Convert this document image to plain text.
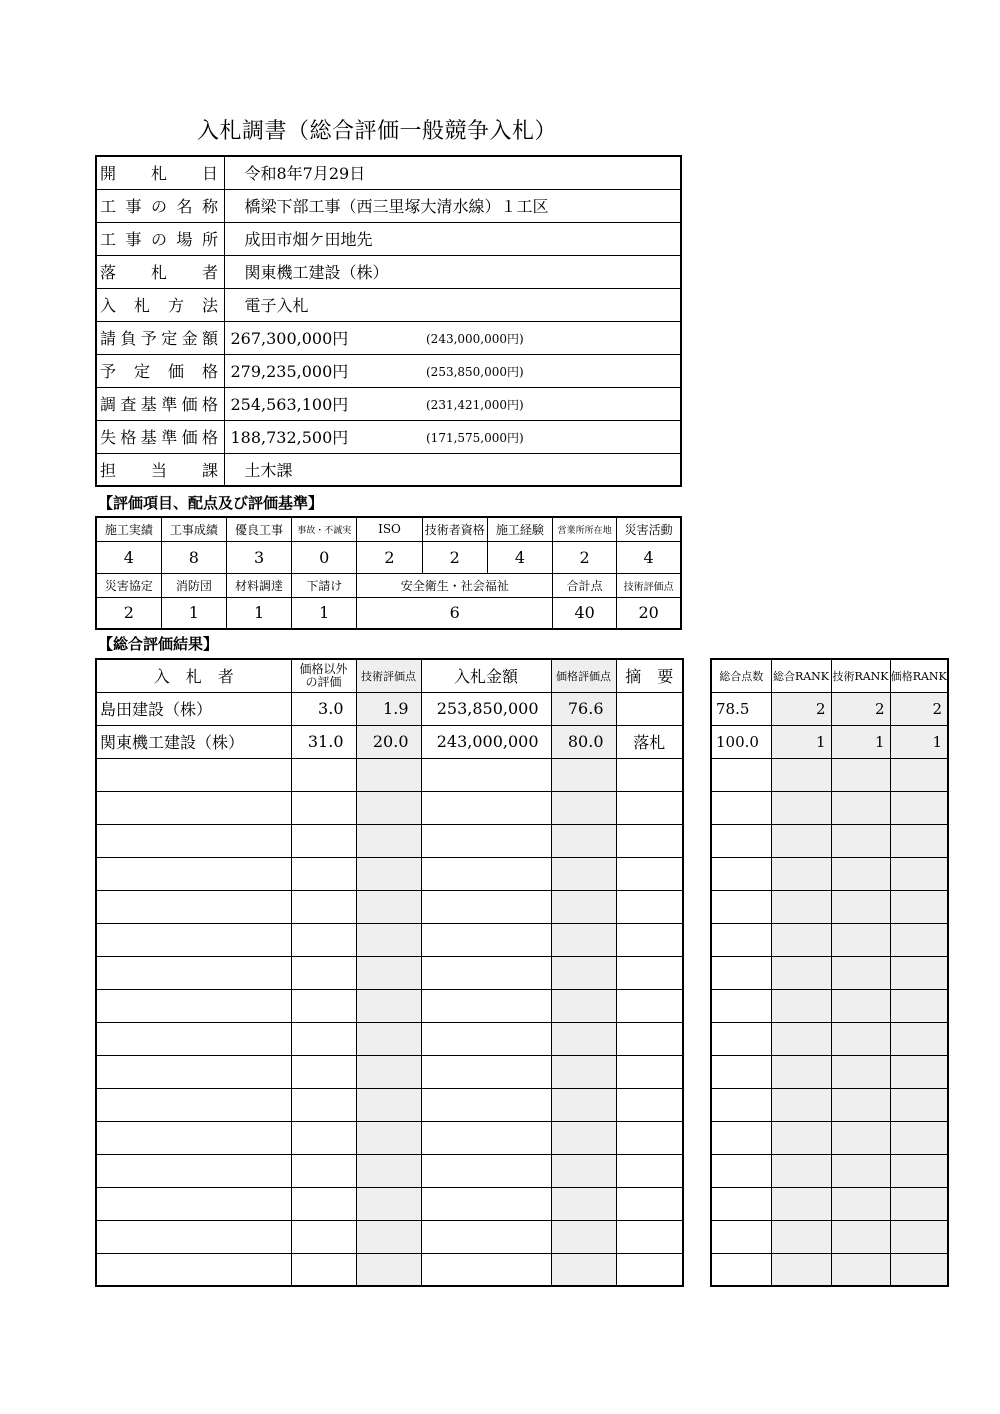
入札調書（総合評価一般競争入札）
開　札　日	令和8年7月29日

工事の名称	橋梁下部工事（西三里塚大清水線）１工区

工事の場所	成田市畑ケ田地先

落　札　者	関東機工建設（株）

入札方法	電子入札

請負予定金額	267,300,000円 (243,000,000円)

予　定　価　格	279,235,000円 (253,850,000円)

調査基準価格	254,563,100円 (231,421,000円)

失格基準価格	188,732,500円 (171,575,000円)

担　当　課	土木課
【評価項目、配点及び評価基準】
施工実績	工事成績	優良工事	事故・不誠実	ISO	技術者資格	施工経験	営業所所在地	災害活動
4	8	3	0	2	2	4	2	4
災害協定	消防団	材料調達	下請け	安全衛生・社会福祉			合計点	技術評価点
2	1	1	1	6			40	20
【総合評価結果】
入　札　者	価格以外
の評価	技術評価点	入札金額	価格評価点	摘　要
島田建設（株）	3.0	1.9	253,850,000	76.6	
関東機工建設（株）	31.0	20.0	243,000,000	80.0	落札

総合点数	総合RANK	技術RANK	価格RANK
78.5	2	2	2
100.0	1	1	1
